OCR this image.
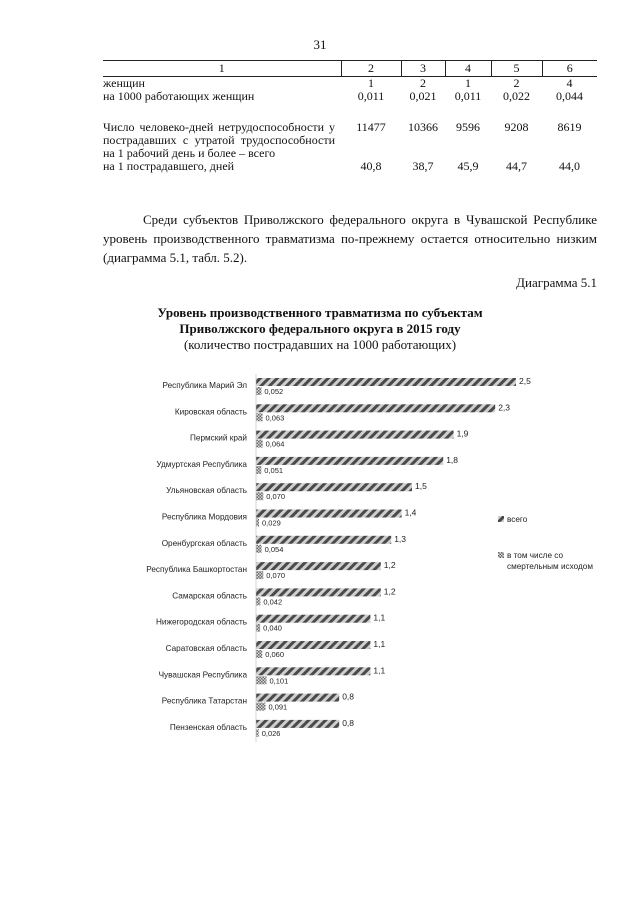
31
1	2	3	4	5	6
женщин	1	2	1	2	4
на 1000 работающих женщин	0,011	0,021	0,011	0,022	0,044

Число человеко-дней нетрудоспособности у пострадавших с утратой трудоспособности на 1 рабочий день и более – всего	11477	10366	9596	9208	8619
на 1 пострадавшего, дней	40,8	38,7	45,9	44,7	44,0
Среди субъектов Приволжского федерального округа в Чувашской Республике уровень производственного травматизма по-прежнему остается относительно низким (диаграмма 5.1, табл. 5.2).
Диаграмма 5.1
Уровень производственного травматизма по субъектам
Приволжского федерального округа в 2015 году
(количество пострадавших на 1000 работающих)
Республика Марий Эл	2,5
0,052
Кировская область	2,3
0,063
Пермский край	1,9
0,064
Удмуртская Республика	1,8
0,051
Ульяновская область	1,5
0,070
Республика Мордовия	1,4
0,029
Оренбургская область	1,3
0,054
Республика Башкортостан	1,2
0,070
Самарская область	1,2
0,042
Нижегородская область	1,1
0,040
Саратовская область	1,1
0,060
Чувашская Республика	1,1
0,101
Республика Татарстан	0,8
0,091
Пензенская область	0,8
0,026
всего
в том числе со смертельным исходом
